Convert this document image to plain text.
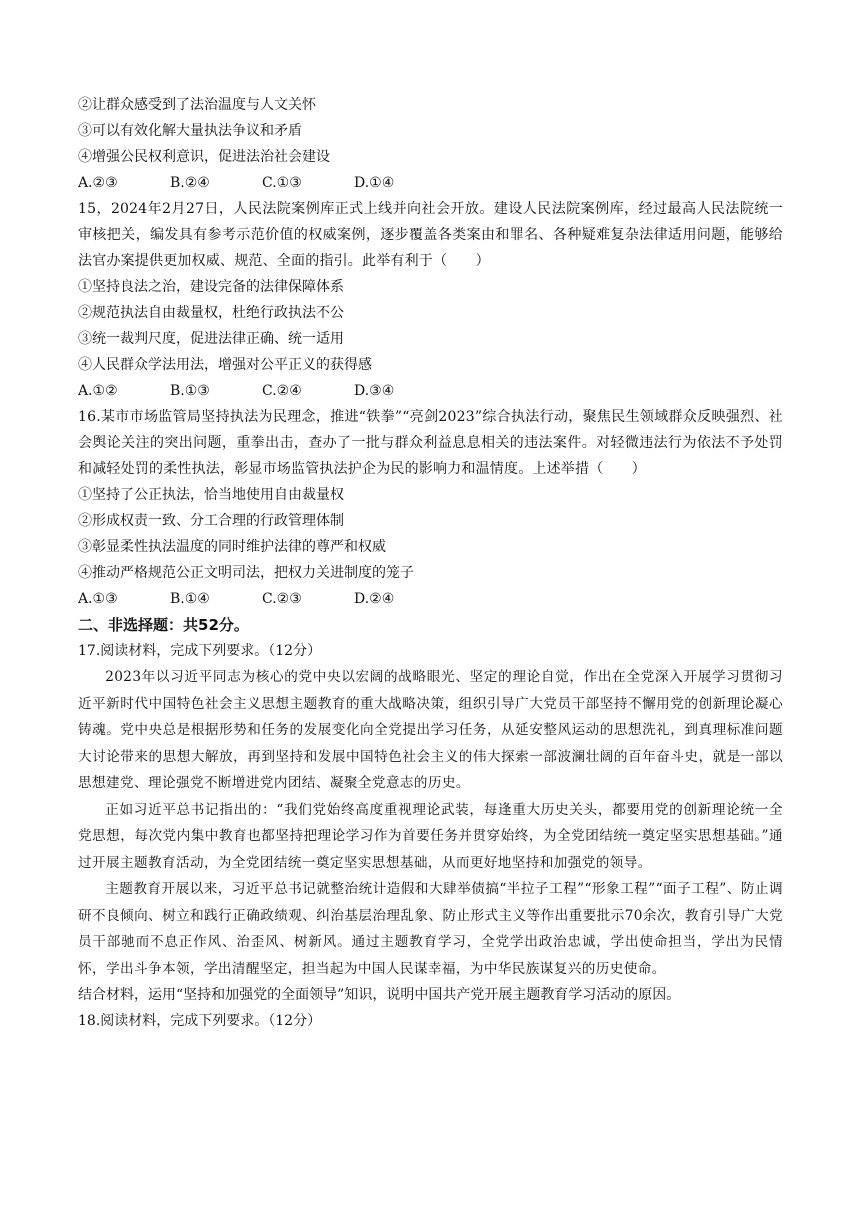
②让群众感受到了法治温度与人文关怀
③可以有效化解大量执法争议和矛盾
④增强公民权利意识，促进法治社会建设
A.②③	B.②④	C.①③	D.①④
15，2024年2月27日，人民法院案例库正式上线并向社会开放。建设人民法院案例库，经过最高人民法院统一审核把关，编发具有参考示范价值的权威案例，逐步覆盖各类案由和罪名、各种疑难复杂法律适用问题，能够给法官办案提供更加权威、规范、全面的指引。此举有利于（　　）
①坚持良法之治，建设完备的法律保障体系
②规范执法自由裁量权，杜绝行政执法不公
③统一裁判尺度，促进法律正确、统一适用
④人民群众学法用法，增强对公平正义的获得感
A.①②	B.①③	C.②④	D.③④
16.某市市场监管局坚持执法为民理念，推进“铁拳”“亮剑2023”综合执法行动，聚焦民生领域群众反映强烈、社会舆论关注的突出问题，重拳出击，查办了一批与群众利益息息相关的违法案件。对轻微违法行为依法不予处罚和减轻处罚的柔性执法，彰显市场监管执法护企为民的影响力和温情度。上述举措（　　）
①坚持了公正执法，恰当地使用自由裁量权
②形成权责一致、分工合理的行政管理体制
③彰显柔性执法温度的同时维护法律的尊严和权威
④推动严格规范公正文明司法，把权力关进制度的笼子
A.①③	B.①④	C.②③	D.②④
二、非选择题：共52分。
17.阅读材料，完成下列要求。（12分）
2023年以习近平同志为核心的党中央以宏阔的战略眼光、坚定的理论自觉，作出在全党深入开展学习贯彻习近平新时代中国特色社会主义思想主题教育的重大战略决策，组织引导广大党员干部坚持不懈用党的创新理论凝心铸魂。党中央总是根据形势和任务的发展变化向全党提出学习任务，从延安整风运动的思想洗礼，到真理标准问题大讨论带来的思想大解放，再到坚持和发展中国特色社会主义的伟大探索一部波澜壮阔的百年奋斗史，就是一部以思想建党、理论强党不断增进党内团结、凝聚全党意志的历史。
正如习近平总书记指出的：“我们党始终高度重视理论武装，每逢重大历史关头，都要用党的创新理论统一全党思想，每次党内集中教育也都坚持把理论学习作为首要任务并贯穿始终，为全党团结统一奠定坚实思想基础。”通过开展主题教育活动，为全党团结统一奠定坚实思想基础，从而更好地坚持和加强党的领导。
主题教育开展以来，习近平总书记就整治统计造假和大肆举债搞“半拉子工程”“形象工程”“面子工程”、防止调研不良倾向、树立和践行正确政绩观、纠治基层治理乱象、防止形式主义等作出重要批示70余次，教育引导广大党员干部驰而不息正作风、治歪风、树新风。通过主题教育学习，全党学出政治忠诚，学出使命担当，学出为民情怀，学出斗争本领，学出清醒坚定，担当起为中国人民谋幸福，为中华民族谋复兴的历史使命。
结合材料，运用“坚持和加强党的全面领导”知识，说明中国共产党开展主题教育学习活动的原因。
18.阅读材料，完成下列要求。（12分）
